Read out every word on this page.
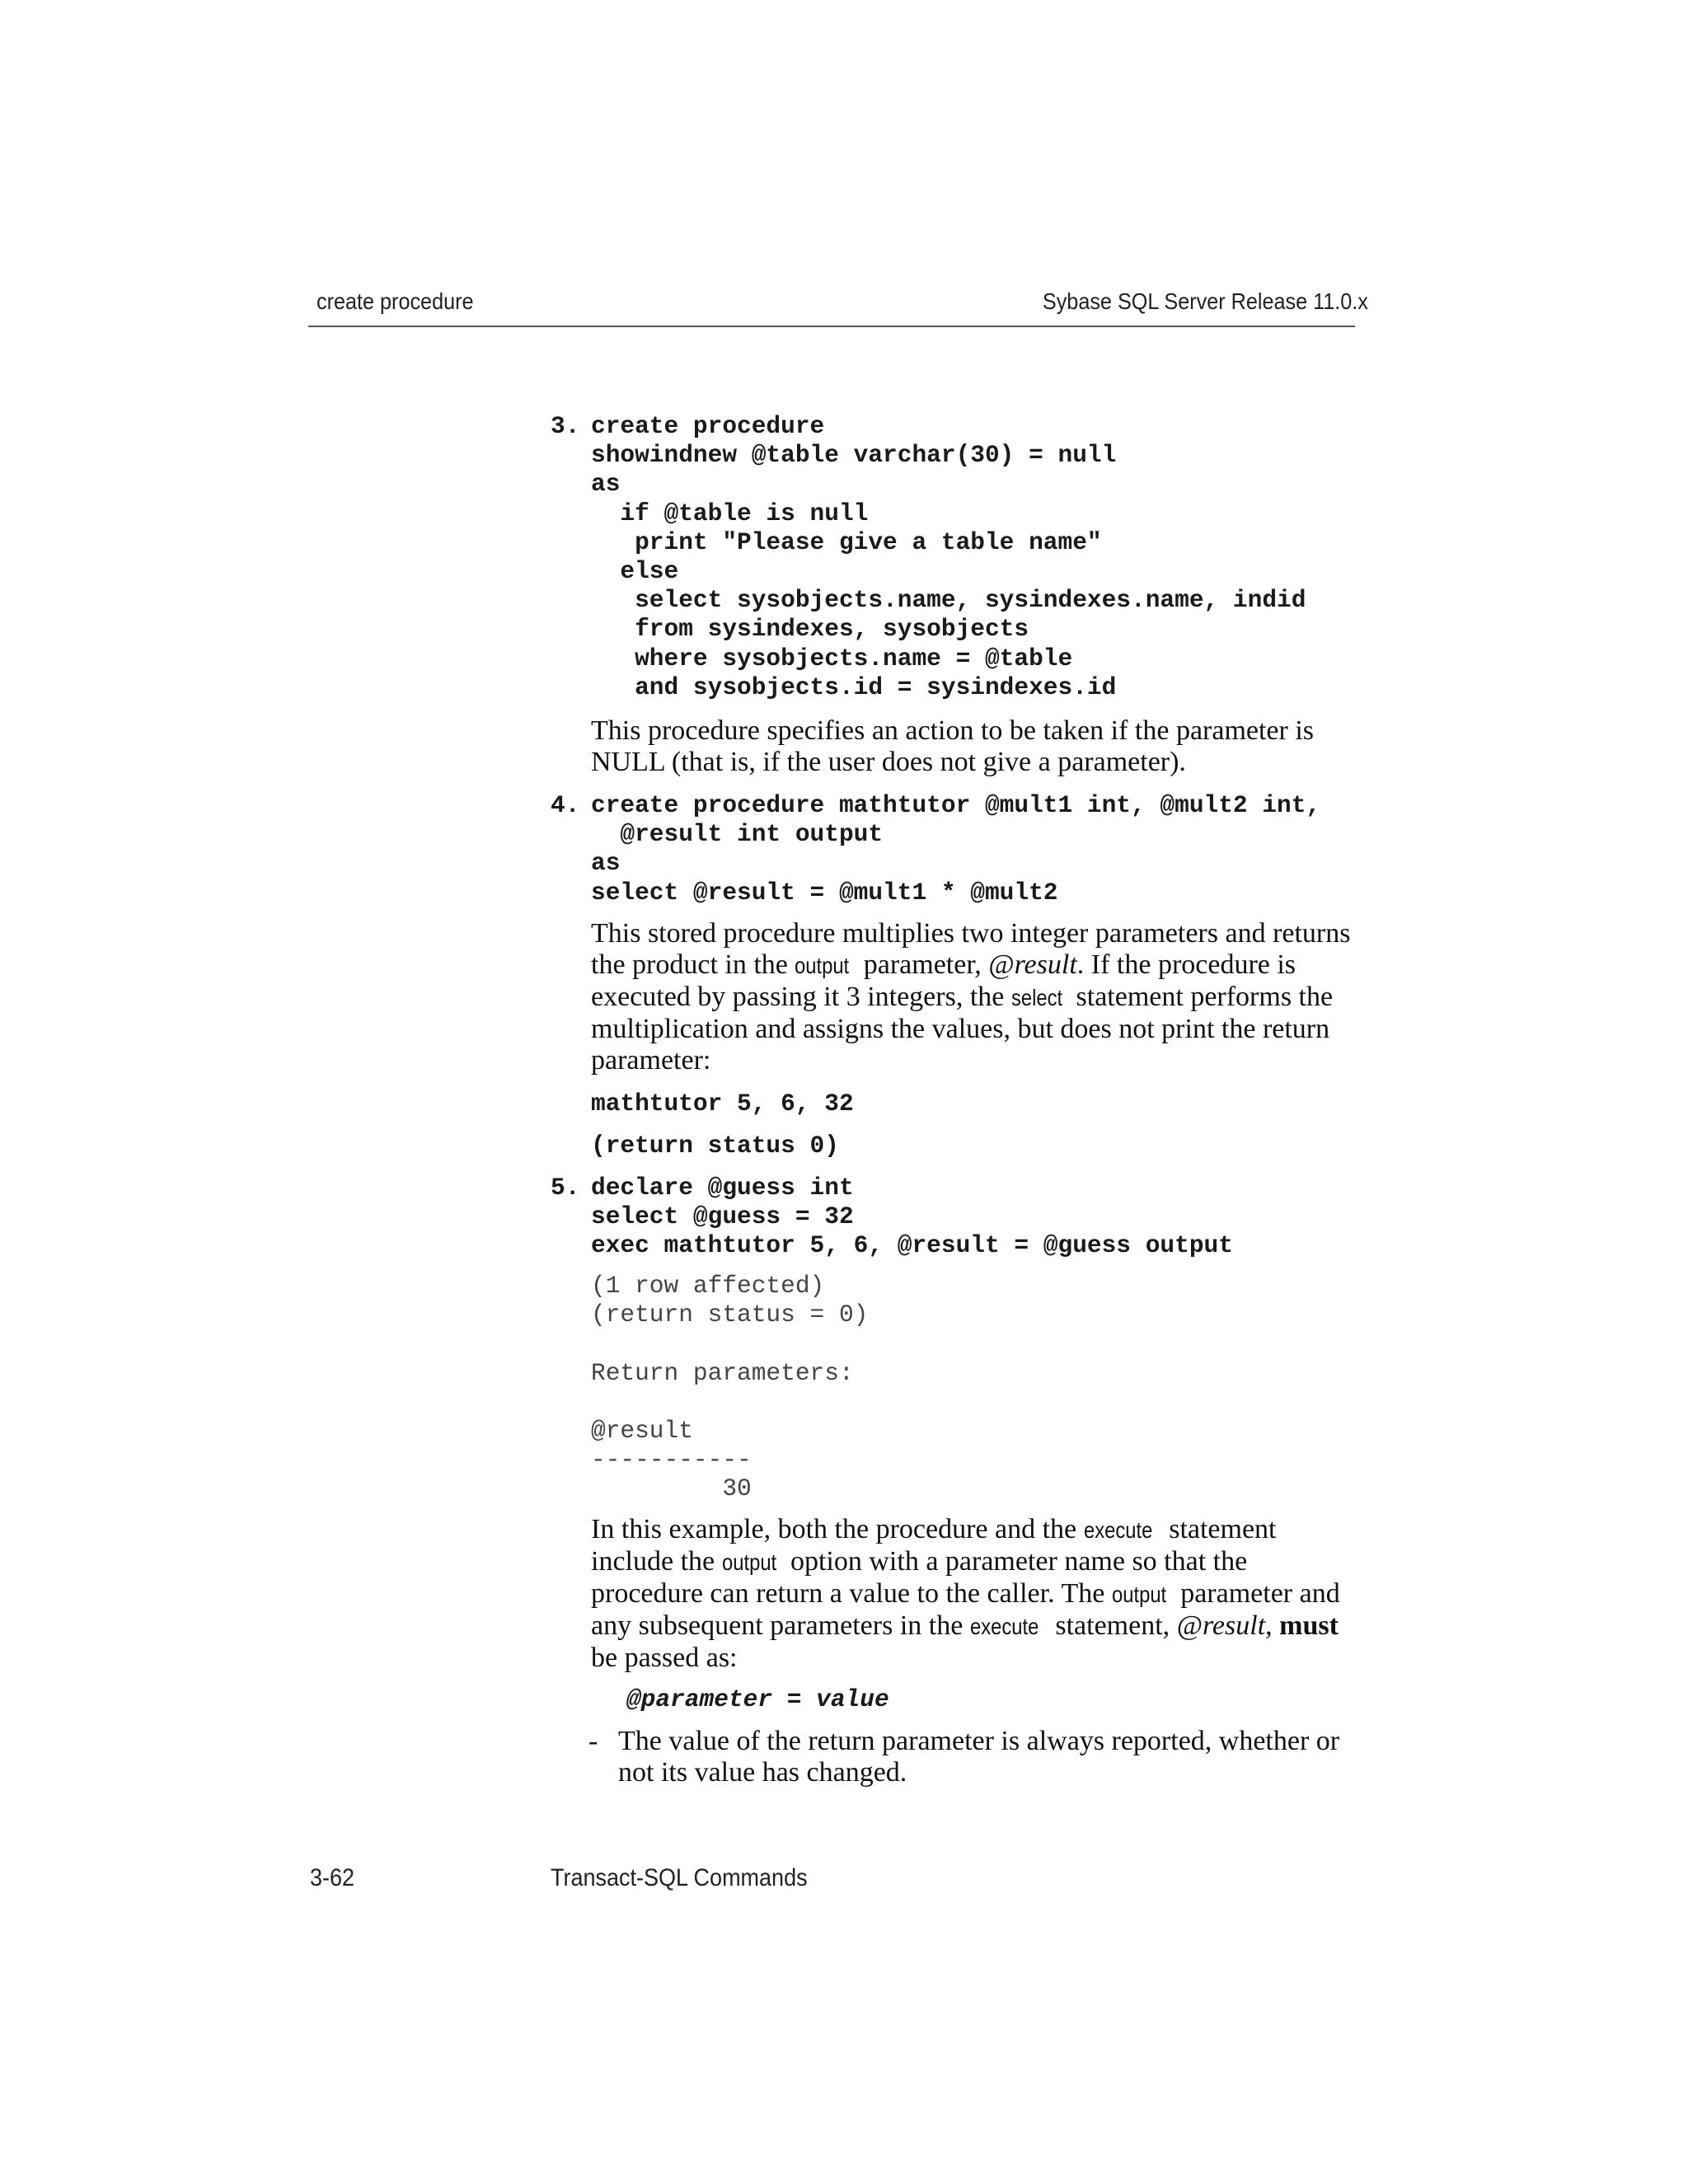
create procedure	Sybase SQL Server Release 11.0.x
3. create procedure
showindnew @table varchar(30) = null
as
if @table is null
print "Please give a table name"
else
select sysobjects.name, sysindexes.name, indid
from sysindexes, sysobjects
where sysobjects.name = @table
and sysobjects.id = sysindexes.id

This procedure specifies an action to be taken if the parameter is NULL (that is, if the user does not give a parameter).

4. create procedure mathtutor @mult1 int, @mult2 int,
@result int output
as
select @result = @mult1 * @mult2

This stored procedure multiplies two integer parameters and returns the product in the output parameter, @result. If the procedure is executed by passing it 3 integers, the select statement performs the multiplication and assigns the values, but does not print the return parameter:

mathtutor 5, 6, 32
(return status 0)
5. declare @guess int
select @guess = 32
exec mathtutor 5, 6, @result = @guess output
(1 row affected)
(return status = 0)

Return parameters:

@result
-----------
30

In this example, both the procedure and the execute statement include the output option with a parameter name so that the procedure can return a value to the caller. The output parameter and any subsequent parameters in the execute statement, @result, must be passed as:

@parameter = value
- The value of the return parameter is always reported, whether or not its value has changed.

3-62	Transact-SQL Commands
